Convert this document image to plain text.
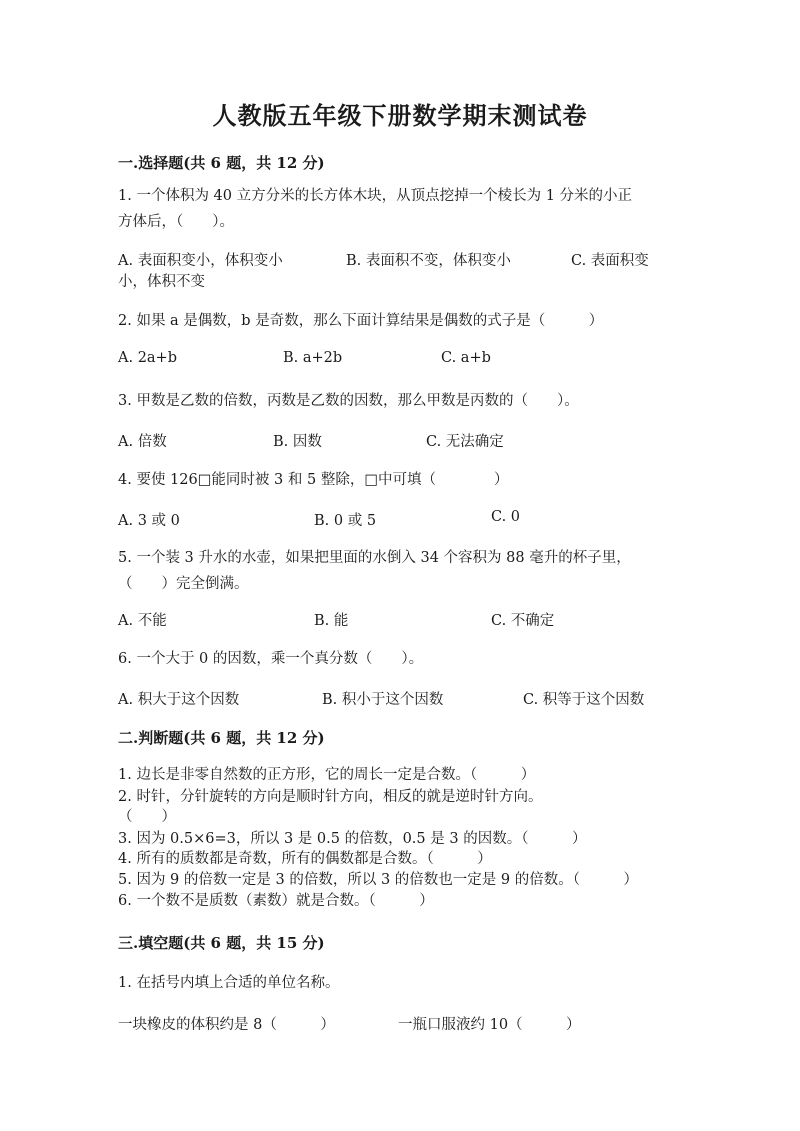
人教版五年级下册数学期末测试卷
一.选择题(共 6 题，共 12 分)
1. 一个体积为 40 立方分米的长方体木块，从顶点挖掉一个棱长为 1 分米的小正
方体后，（　　）。
A. 表面积变小，体积变小	B. 表面积不变，体积变小	C. 表面积变
小，体积不变
2. 如果 a 是偶数，b 是奇数，那么下面计算结果是偶数的式子是（　　　）
A. 2a+b	B. a+2b	C. a+b
3. 甲数是乙数的倍数，丙数是乙数的因数，那么甲数是丙数的（　　）。
A. 倍数	B. 因数	C. 无法确定
4. 要使 126□能同时被 3 和 5 整除，□中可填（　　　　）
A. 3 或 0	B. 0 或 5	C. 0
5. 一个装 3 升水的水壶，如果把里面的水倒入 34 个容积为 88 毫升的杯子里，
（　　）完全倒满。
A. 不能	B. 能	C. 不确定
6. 一个大于 0 的因数，乘一个真分数（　　）。
A. 积大于这个因数	B. 积小于这个因数	C. 积等于这个因数
二.判断题(共 6 题，共 12 分)
1. 边长是非零自然数的正方形，它的周长一定是合数。（　　　）
2. 时针，分针旋转的方向是顺时针方向，相反的就是逆时针方向。
（　　）
3. 因为 0.5×6=3，所以 3 是 0.5 的倍数，0.5 是 3 的因数。（　　　）
4. 所有的质数都是奇数，所有的偶数都是合数。（　　　）
5. 因为 9 的倍数一定是 3 的倍数，所以 3 的倍数也一定是 9 的倍数。（　　　）
6. 一个数不是质数（素数）就是合数。（　　　）
三.填空题(共 6 题，共 15 分)
1. 在括号内填上合适的单位名称。
一块橡皮的体积约是 8（　　　）	一瓶口服液约 10（　　　）
